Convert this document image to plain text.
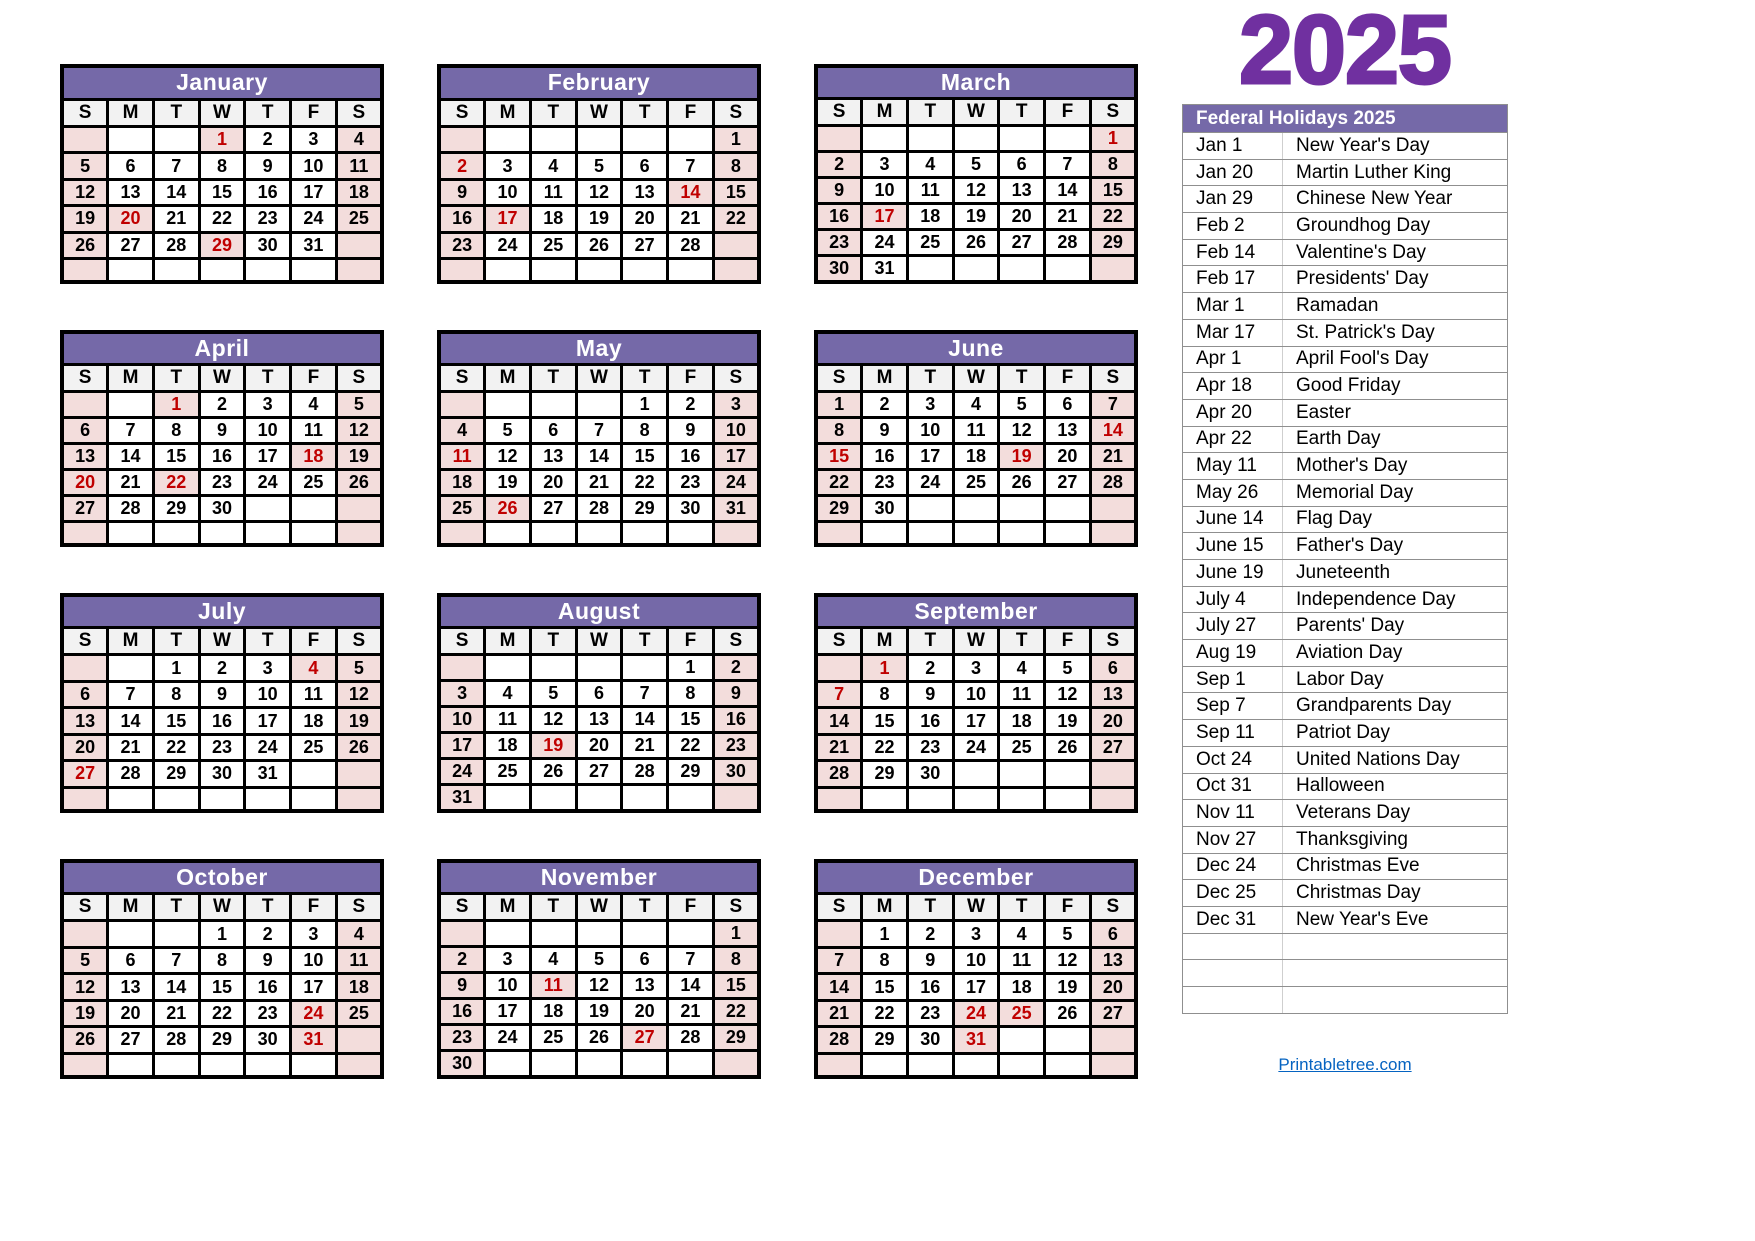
January						
S	M	T	W	T	F	S
			1	2	3	4
5	6	7	8	9	10	11
12	13	14	15	16	17	18
19	20	21	22	23	24	25
26	27	28	29	30	31	

February						
S	M	T	W	T	F	S
						1
2	3	4	5	6	7	8
9	10	11	12	13	14	15
16	17	18	19	20	21	22
23	24	25	26	27	28	

March						
S	M	T	W	T	F	S
						1
2	3	4	5	6	7	8
9	10	11	12	13	14	15
16	17	18	19	20	21	22
23	24	25	26	27	28	29
30	31					
April						
S	M	T	W	T	F	S
		1	2	3	4	5
6	7	8	9	10	11	12
13	14	15	16	17	18	19
20	21	22	23	24	25	26
27	28	29	30			

May						
S	M	T	W	T	F	S
				1	2	3
4	5	6	7	8	9	10
11	12	13	14	15	16	17
18	19	20	21	22	23	24
25	26	27	28	29	30	31

June						
S	M	T	W	T	F	S
1	2	3	4	5	6	7
8	9	10	11	12	13	14
15	16	17	18	19	20	21
22	23	24	25	26	27	28
29	30					

July						
S	M	T	W	T	F	S
		1	2	3	4	5
6	7	8	9	10	11	12
13	14	15	16	17	18	19
20	21	22	23	24	25	26
27	28	29	30	31		

August						
S	M	T	W	T	F	S
					1	2
3	4	5	6	7	8	9
10	11	12	13	14	15	16
17	18	19	20	21	22	23
24	25	26	27	28	29	30
31						
September						
S	M	T	W	T	F	S
	1	2	3	4	5	6
7	8	9	10	11	12	13
14	15	16	17	18	19	20
21	22	23	24	25	26	27
28	29	30				

October						
S	M	T	W	T	F	S
			1	2	3	4
5	6	7	8	9	10	11
12	13	14	15	16	17	18
19	20	21	22	23	24	25
26	27	28	29	30	31	

November						
S	M	T	W	T	F	S
						1
2	3	4	5	6	7	8
9	10	11	12	13	14	15
16	17	18	19	20	21	22
23	24	25	26	27	28	29
30						
December						
S	M	T	W	T	F	S
	1	2	3	4	5	6
7	8	9	10	11	12	13
14	15	16	17	18	19	20
21	22	23	24	25	26	27
28	29	30	31			

2025
Federal Holidays 2025	
Jan 1	New Year's Day
Jan 20	Martin Luther King
Jan 29	Chinese New Year
Feb 2	Groundhog Day
Feb 14	Valentine's Day
Feb 17	Presidents' Day
Mar 1	Ramadan
Mar 17	St. Patrick's Day
Apr 1	April Fool's Day
Apr 18	Good Friday
Apr 20	Easter
Apr 22	Earth Day
May 11	Mother's Day
May 26	Memorial Day
June 14	Flag Day
June 15	Father's Day
June 19	Juneteenth
July 4	Independence Day
July 27	Parents' Day
Aug 19	Aviation Day
Sep 1	Labor Day
Sep 7	Grandparents Day
Sep 11	Patriot Day
Oct 24	United Nations Day
Oct 31	Halloween
Nov 11	Veterans Day
Nov 27	Thanksgiving
Dec 24	Christmas Eve
Dec 25	Christmas Day
Dec 31	New Year's Eve

Printabletree.com
